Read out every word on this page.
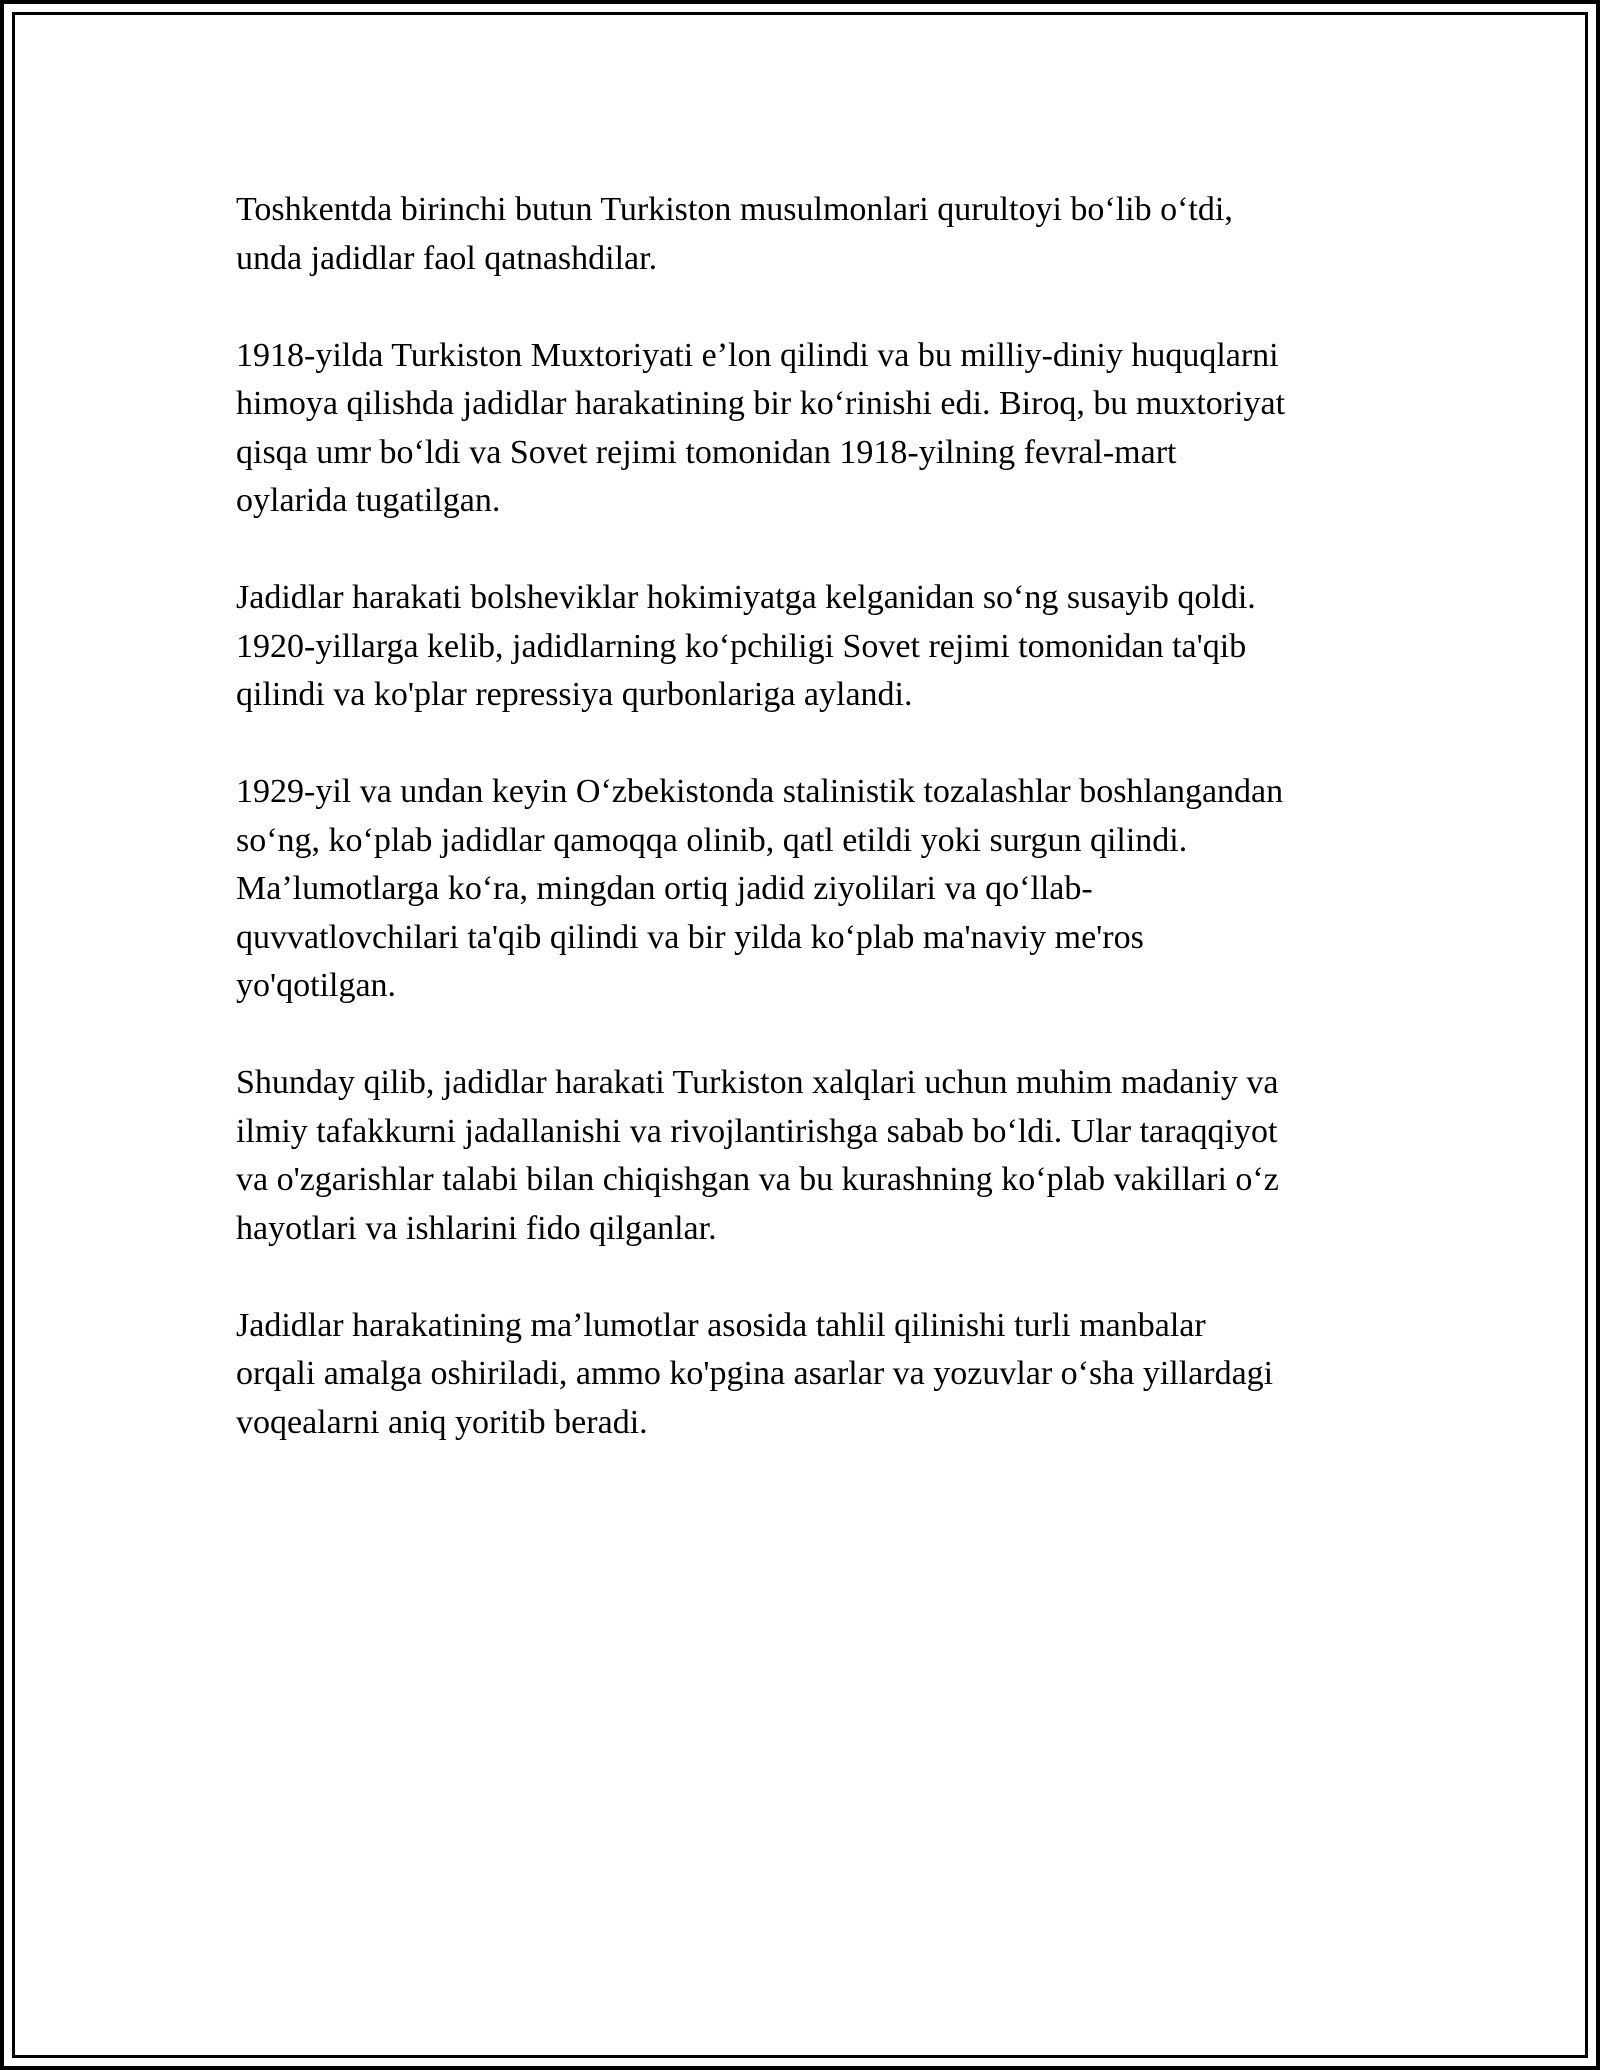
Toshkentda birinchi butun Turkiston musulmonlari qurultoyi boʻlib oʻtdi,
unda jadidlar faol qatnashdilar.

1918-yilda Turkiston Muxtoriyati eʼlon qilindi va bu milliy-diniy huquqlarni
himoya qilishda jadidlar harakatining bir koʻrinishi edi. Biroq, bu muxtoriyat
qisqa umr boʻldi va Sovet rejimi tomonidan 1918-yilning fevral-mart
oylarida tugatilgan.

Jadidlar harakati bolsheviklar hokimiyatga kelganidan soʻng susayib qoldi.
1920-yillarga kelib, jadidlarning koʻpchiligi Sovet rejimi tomonidan ta'qib
qilindi va ko'plar repressiya qurbonlariga aylandi.

1929-yil va undan keyin Oʻzbekistonda stalinistik tozalashlar boshlangandan
soʻng, koʻplab jadidlar qamoqqa olinib, qatl etildi yoki surgun qilindi.
Maʼlumotlarga koʻra, mingdan ortiq jadid ziyolilari va qoʻllab-
quvvatlovchilari ta'qib qilindi va bir yilda koʻplab ma'naviy me'ros
yo'qotilgan.

Shunday qilib, jadidlar harakati Turkiston xalqlari uchun muhim madaniy va
ilmiy tafakkurni jadallanishi va rivojlantirishga sabab boʻldi. Ular taraqqiyot
va o'zgarishlar talabi bilan chiqishgan va bu kurashning koʻplab vakillari oʻz
hayotlari va ishlarini fido qilganlar.

Jadidlar harakatining maʼlumotlar asosida tahlil qilinishi turli manbalar
orqali amalga oshiriladi, ammo ko'pgina asarlar va yozuvlar oʻsha yillardagi
voqealarni aniq yoritib beradi.
